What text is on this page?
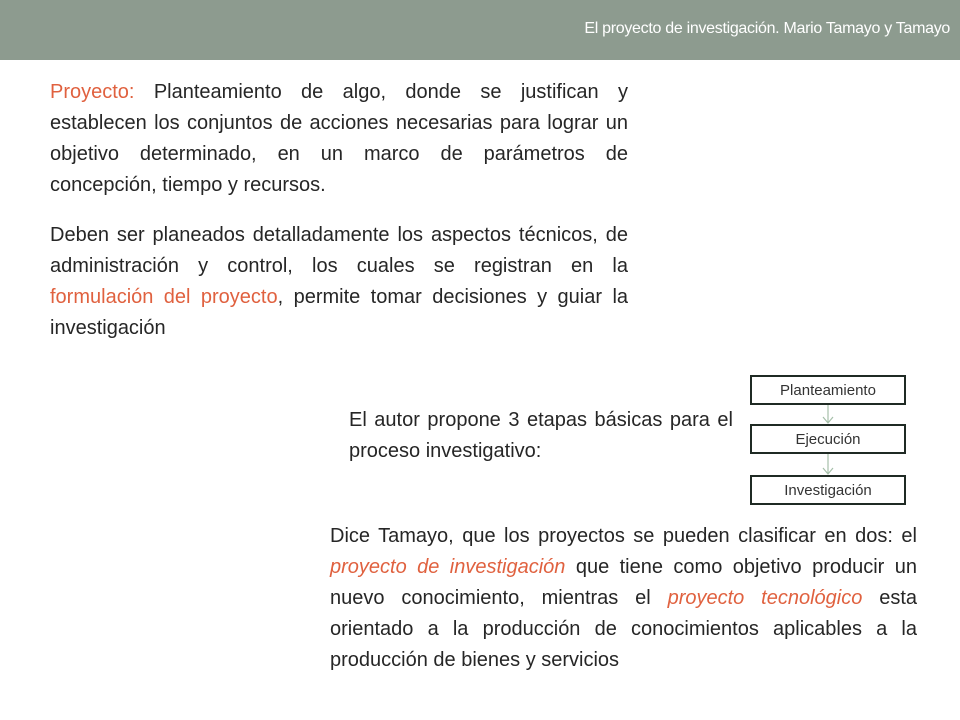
El proyecto de investigación. Mario Tamayo y Tamayo

Proyecto: Planteamiento de algo, donde se justifican y establecen los conjuntos de acciones necesarias para lograr un objetivo determinado, en un marco de parámetros de concepción, tiempo y recursos.

Deben ser planeados detalladamente los aspectos técnicos, de administración y control, los cuales se registran en la formulación del proyecto, permite tomar decisiones y guiar la investigación

El autor propone 3 etapas básicas para el proceso investigativo:

Planteamiento
Ejecución
Investigación

Dice Tamayo, que los proyectos se pueden clasificar en dos: el proyecto de investigación que tiene como objetivo producir un nuevo conocimiento, mientras el proyecto tecnológico esta orientado a la producción de conocimientos aplicables a la producción de bienes y servicios
